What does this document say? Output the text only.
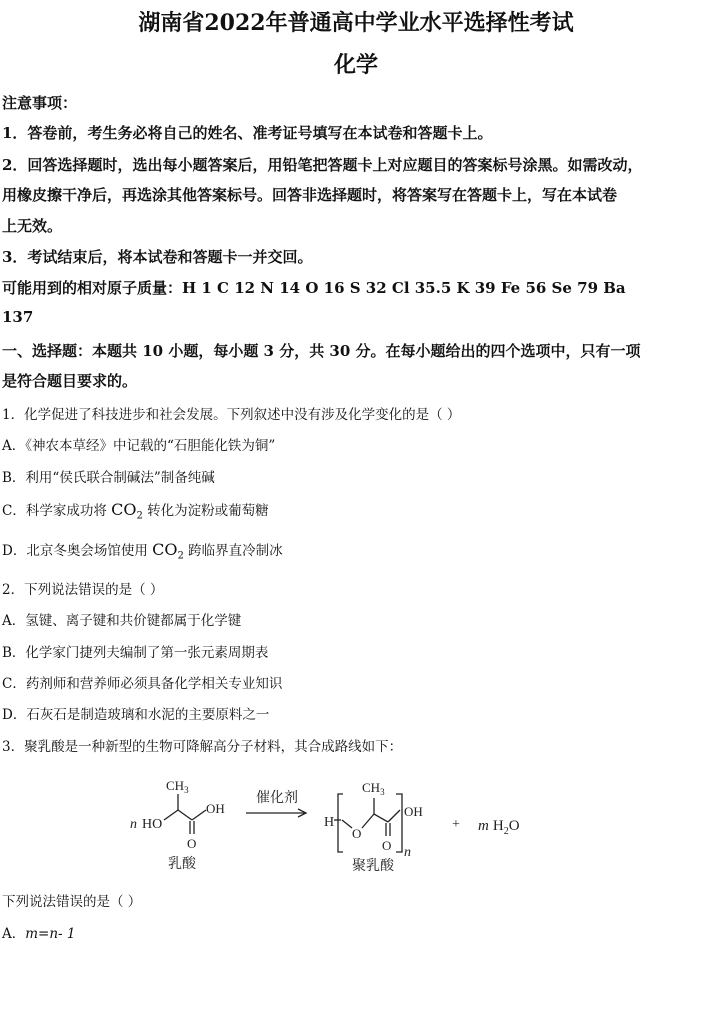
湖南省2022年普通高中学业水平选择性考试
化学
注意事项：
1．答卷前，考生务必将自己的姓名、准考证号填写在本试卷和答题卡上。
2．回答选择题时，选出每小题答案后，用铅笔把答题卡上对应题目的答案标号涂黑。如需改动，
用橡皮擦干净后，再选涂其他答案标号。回答非选择题时，将答案写在答题卡上，写在本试卷
上无效。
3．考试结束后，将本试卷和答题卡一并交回。
可能用到的相对原子质量：H 1 C 12 N 14 O 16 S 32 Cl 35.5 K 39 Fe 56 Se 79 Ba
137
一、选择题：本题共 10 小题，每小题 3 分，共 30 分。在每小题给出的四个选项中，只有一项
是符合题目要求的。
1．化学促进了科技进步和社会发展。下列叙述中没有涉及化学变化的是（ ）
A．《神农本草经》中记载的“石胆能化铁为铜”
B．利用“侯氏联合制碱法”制备纯碱
C．科学家成功将 $CO_2$ 转化为淀粉或葡萄糖
D．北京冬奥会场馆使用 $CO_2$ 跨临界直冷制冰
2．下列说法错误的是（ ）
A．氢键、离子键和共价键都属于化学键
B．化学家门捷列夫编制了第一张元素周期表
C．药剂师和营养师必须具备化学相关专业知识
D．石灰石是制造玻璃和水泥的主要原料之一
3．聚乳酸是一种新型的生物可降解高分子材料，其合成路线如下：
n HO
$CH_3$
OH
O
乳酸
催化剂
H
O
$CH_3$
OH
O n
聚乳酸
+ m $H_2O$
下列说法错误的是（ ）
A．m=n- 1
